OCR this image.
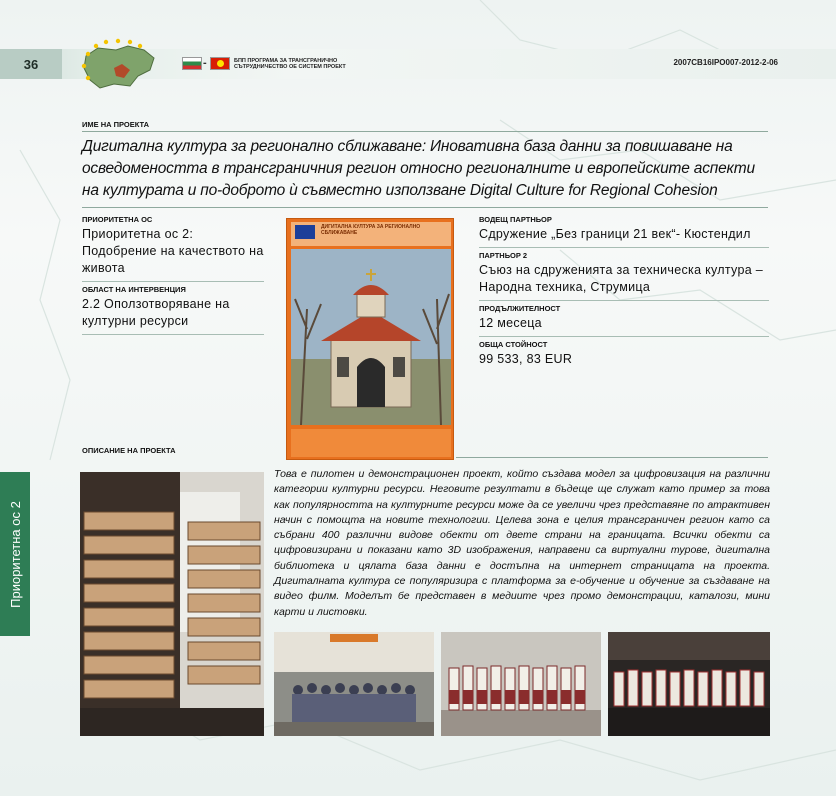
36	-	БПП ПРОГРАМА ЗА ТРАНСГРАНИЧНО СЪТРУДНИЧЕСТВО ОЕ СИСТЕМ ПРОЕКТ	2007CB16IPO007-2012-2-06
Приоритетна ос 2
ИМЕ НА ПРОЕКТА
Дигитална култура за регионално сближаване: Иновативна база данни за повишаване на осведомеността в трансграничния регион относно регионалните и европейските аспекти на културата и по-доброто ѝ съвместно използване Digital Culture for Regional Cohesion
ПРИОРИТЕТНА ОС
Приоритетна ос 2: Подобрение на качеството на живота
ОБЛАСТ НА ИНТЕРВЕНЦИЯ
2.2 Оползотворяване на културни ресурси
ДИГИТАЛНА КУЛТУРА ЗА РЕГИОНАЛНО СБЛИЖАВАНЕ
ВОДЕЩ ПАРТНЬОР
Сдружение „Без граници 21 век“- Кюстендил
ПАРТНЬОР 2
Съюз на сдруженията за техническа култура – Народна техника, Струмица
ПРОДЪЛЖИТЕЛНОСТ
12 месеца
ОБЩА СТОЙНОСТ
99 533, 83 EUR
ОПИСАНИЕ НА ПРОЕКТА
Това е пилотен и демонстрационен проект, който създава модел за цифровизация на различни категории културни ресурси. Неговите резултати в бъдеще ще служат като пример за това как популярността на културните ресурси може да се увеличи чрез представяне по атрактивен начин с помощта на новите технологии. Целева зона е целия трансграничен регион като са събрани 400 различни видове обекти от двете страни на границата. Всички обекти са цифровизирани и показани като 3D изображения, направени са виртуални турове, дигитална библиотека и цялата база данни е достъпна на интернет страницата на проекта. Дигиталната култура се популяризира с платформа за е-обучение и обучение за създаване на видео филм. Моделът бе представен в медиите чрез промо демонстрации, каталози, мини карти и листовки.
